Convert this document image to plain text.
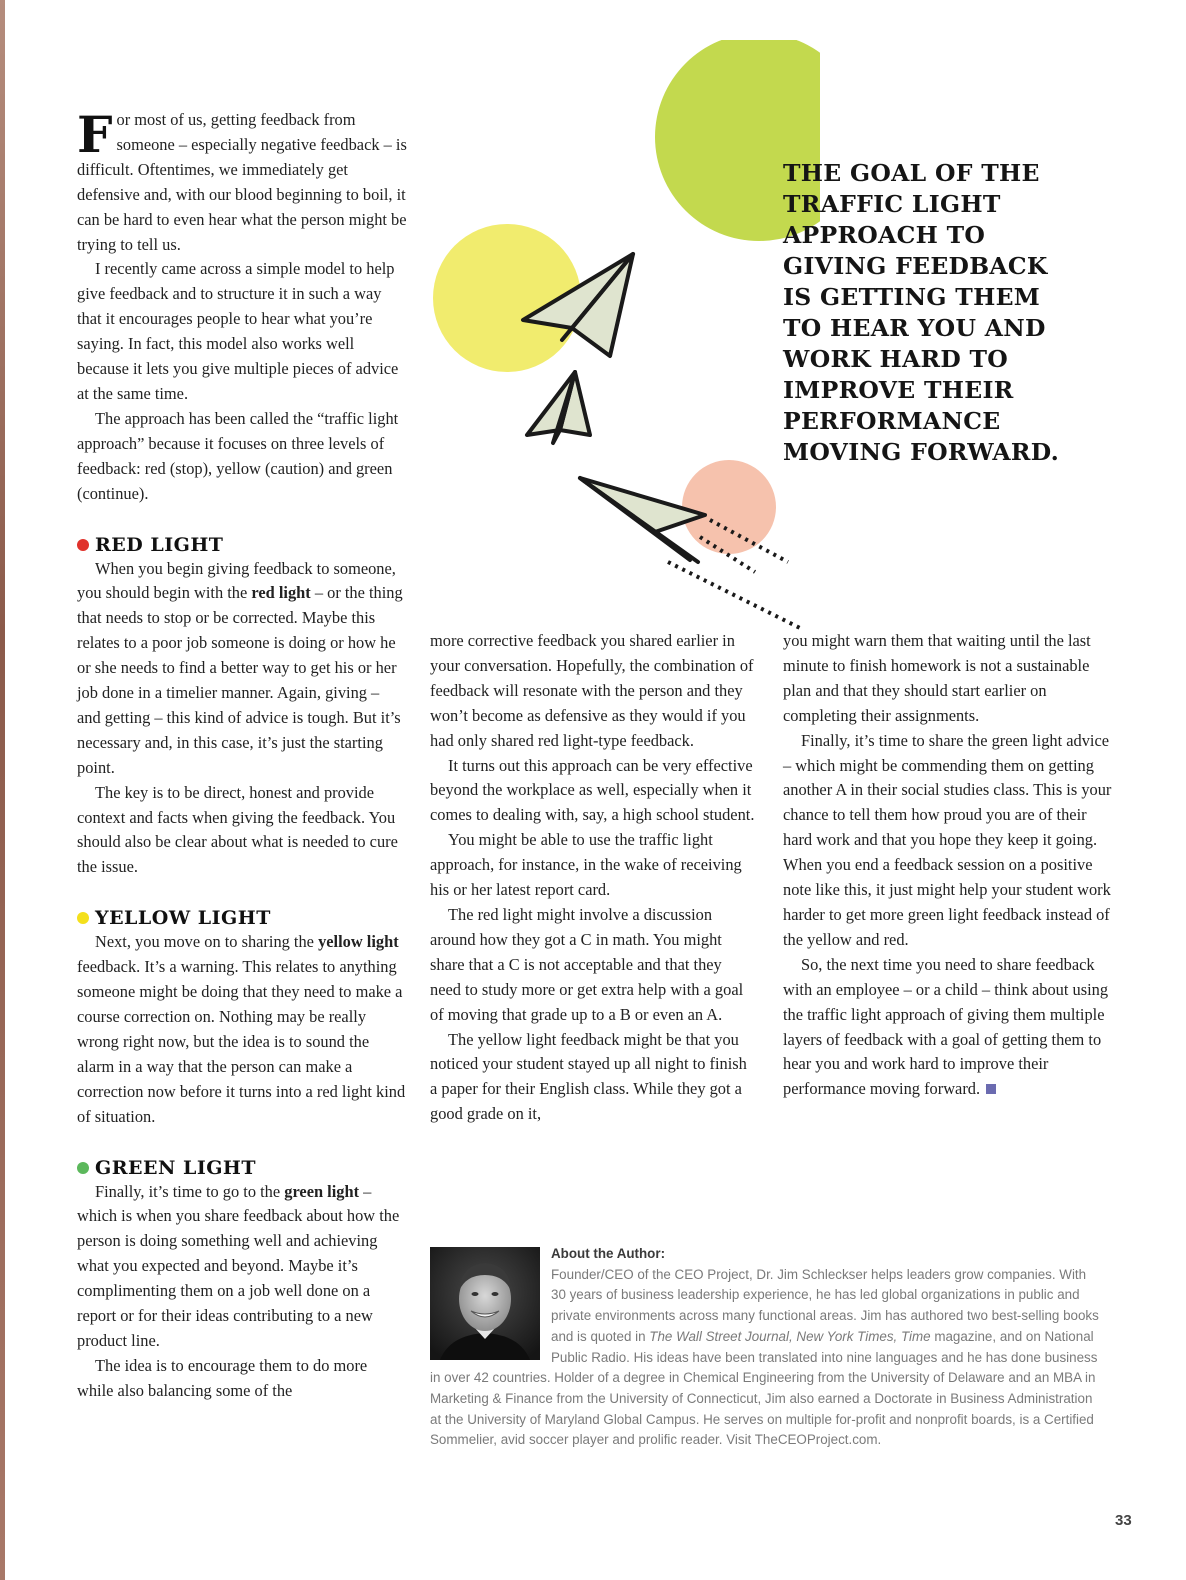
THE GOAL OF THE TRAFFIC LIGHT APPROACH TO GIVING FEEDBACK IS GETTING THEM TO HEAR YOU AND WORK HARD TO IMPROVE THEIR PERFORMANCE MOVING FORWARD.

For most of us, getting feedback from someone – especially negative feedback – is difficult. Oftentimes, we immediately get defensive and, with our blood beginning to boil, it can be hard to even hear what the person might be trying to tell us.

I recently came across a simple model to help give feedback and to structure it in such a way that it encourages people to hear what you’re saying. In fact, this model also works well because it lets you give multiple pieces of advice at the same time.

The approach has been called the “traffic light approach” because it focuses on three levels of feedback: red (stop), yellow (caution) and green (continue).

RED LIGHT

When you begin giving feedback to someone, you should begin with the red light – or the thing that needs to stop or be corrected. Maybe this relates to a poor job someone is doing or how he or she needs to find a better way to get his or her job done in a timelier manner. Again, giving – and getting – this kind of advice is tough. But it’s necessary and, in this case, it’s just the starting point.

The key is to be direct, honest and provide context and facts when giving the feedback. You should also be clear about what is needed to cure the issue.

YELLOW LIGHT

Next, you move on to sharing the yellow light feedback. It’s a warning. This relates to anything someone might be doing that they need to make a course correction on. Nothing may be really wrong right now, but the idea is to sound the alarm in a way that the person can make a correction now before it turns into a red light kind of situation.

GREEN LIGHT

Finally, it’s time to go to the green light – which is when you share feedback about how the person is doing something well and achieving what you expected and beyond. Maybe it’s complimenting them on a job well done on a report or for their ideas contributing to a new product line.

The idea is to encourage them to do more while also balancing some of the

more corrective feedback you shared earlier in your conversation. Hopefully, the combination of feedback will resonate with the person and they won’t become as defensive as they would if you had only shared red light-type feedback.

It turns out this approach can be very effective beyond the workplace as well, especially when it comes to dealing with, say, a high school student.

You might be able to use the traffic light approach, for instance, in the wake of receiving his or her latest report card.

The red light might involve a discussion around how they got a C in math. You might share that a C is not acceptable and that they need to study more or get extra help with a goal of moving that grade up to a B or even an A.

The yellow light feedback might be that you noticed your student stayed up all night to finish a paper for their English class. While they got a good grade on it,

you might warn them that waiting until the last minute to finish homework is not a sustainable plan and that they should start earlier on completing their assignments.

Finally, it’s time to share the green light advice – which might be commending them on getting another A in their social studies class. This is your chance to tell them how proud you are of their hard work and that you hope they keep it going. When you end a feedback session on a positive note like this, it just might help your student work harder to get more green light feedback instead of the yellow and red.

So, the next time you need to share feedback with an employee – or a child – think about using the traffic light approach of giving them multiple layers of feedback with a goal of getting them to hear you and work hard to improve their performance moving forward.

About the Author:
Founder/CEO of the CEO Project, Dr. Jim Schleckser helps leaders grow companies. With 30 years of business leadership experience, he has led global organizations in public and private environments across many functional areas. Jim has authored two best-selling books and is quoted in The Wall Street Journal, New York Times, Time magazine, and on National Public Radio. His ideas have been translated into nine languages and he has done business in over 42 countries. Holder of a degree in Chemical Engineering from the University of Delaware and an MBA in Marketing & Finance from the University of Connecticut, Jim also earned a Doctorate in Business Administration at the University of Maryland Global Campus. He serves on multiple for-profit and nonprofit boards, is a Certified Sommelier, avid soccer player and prolific reader. Visit TheCEOProject.com.

33
